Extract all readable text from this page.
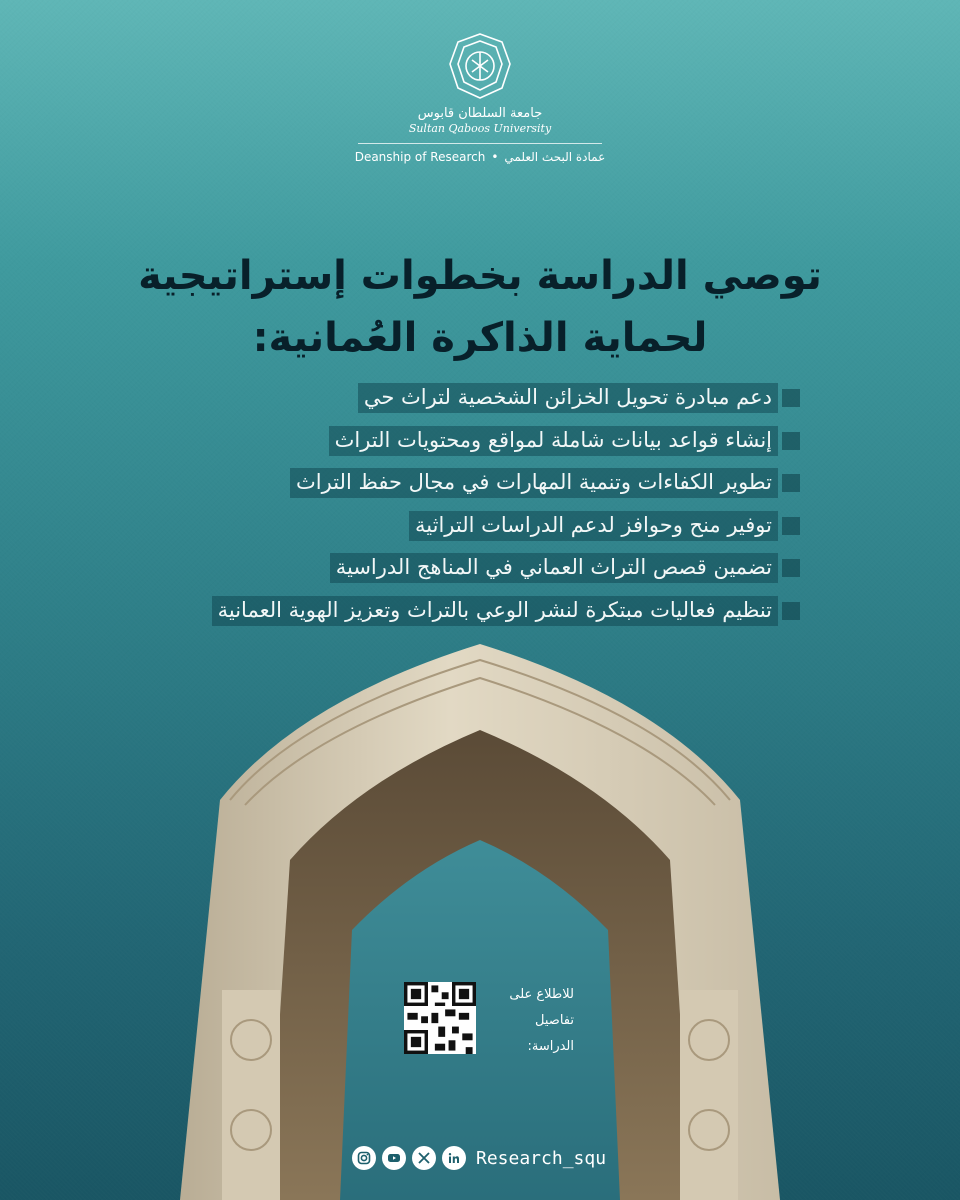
جامعة السلطان قابوس
Sultan Qaboos University
Deanship of Research • عمادة البحث العلمي
توصي الدراسة بخطوات إستراتيجية
لحماية الذاكرة العُمانية:
دعم مبادرة تحويل الخزائن الشخصية لتراث حي
إنشاء قواعد بيانات شاملة لمواقع ومحتويات التراث
تطوير الكفاءات وتنمية المهارات في مجال حفظ التراث
توفير منح وحوافز لدعم الدراسات التراثية
تضمين قصص التراث العماني في المناهج الدراسية
تنظيم فعاليات مبتكرة لنشر الوعي بالتراث وتعزيز الهوية العمانية
للاطلاع على
تفاصيل
الدراسة:
Research_squ
